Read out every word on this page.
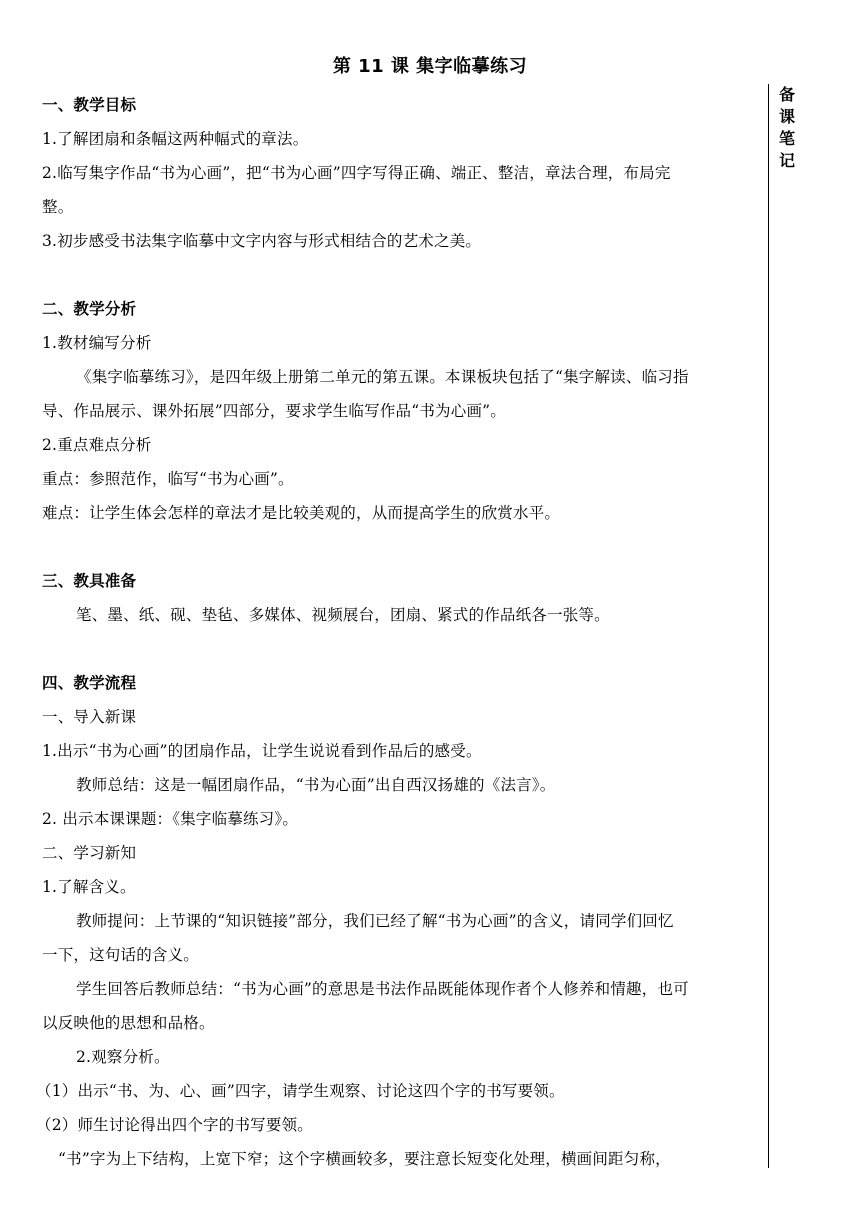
第 11 课 集字临摹练习
一、教学目标
1.了解团扇和条幅这两种幅式的章法。
2.临写集字作品“书为心画”，把“书为心画”四字写得正确、端正、整洁，章法合理，布局完
整。
3.初步感受书法集字临摹中文字内容与形式相结合的艺术之美。
二、教学分析
1.教材编写分析
《集字临摹练习》，是四年级上册第二单元的第五课。本课板块包括了“集字解读、临习指
导、作品展示、课外拓展”四部分，要求学生临写作品“书为心画”。
2.重点难点分析
重点：参照范作，临写“书为心画”。
难点：让学生体会怎样的章法才是比较美观的，从而提高学生的欣赏水平。
三、教具准备
笔、墨、纸、砚、垫毡、多媒体、视频展台，团扇、紧式的作品纸各一张等。
四、教学流程
一、导入新课
1.出示“书为心画”的团扇作品，让学生说说看到作品后的感受。
教师总结：这是一幅团扇作品，“书为心面”出自西汉扬雄的《法言》。
2. 出示本课课题：《集字临摹练习》。
二、学习新知
1.了解含义。
教师提问：上节课的“知识链接”部分，我们已经了解“书为心画”的含义，请同学们回忆
一下，这句话的含义。
学生回答后教师总结：“书为心画”的意思是书法作品既能体现作者个人修养和情趣，也可
以反映他的思想和品格。
2.观察分析。
（1）出示“书、为、心、画”四字，请学生观察、讨论这四个字的书写要领。
（2）师生讨论得出四个字的书写要领。
“书”字为上下结构，上宽下窄；这个字横画较多，要注意长短变化处理，横画间距匀称，
备
课
笔
记
